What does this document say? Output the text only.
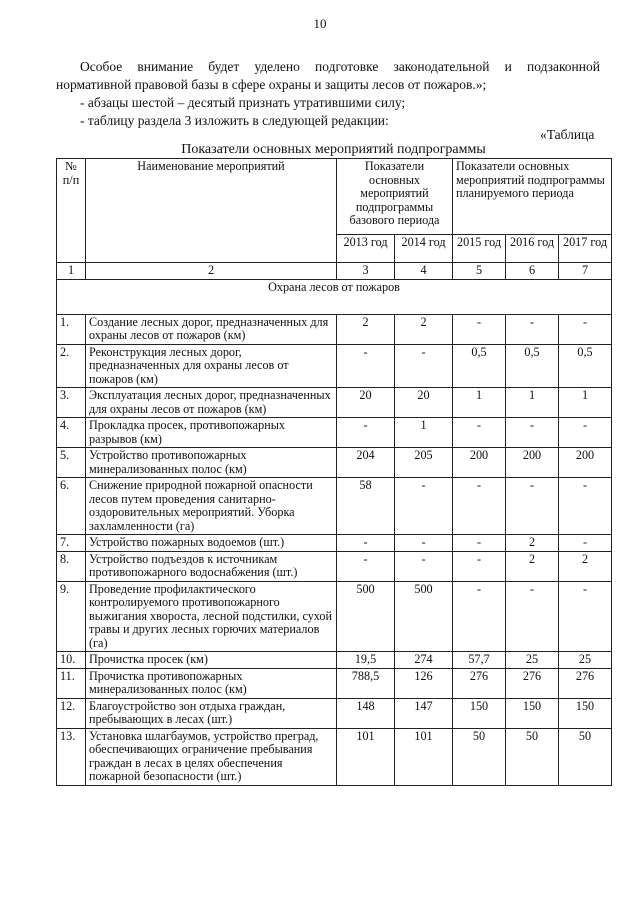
10
Особое внимание будет уделено подготовке законодательной и подзаконной
нормативной правовой базы в сфере охраны и защиты лесов от пожаров.»;
- абзацы шестой – десятый признать утратившими силу;
- таблицу раздела 3 изложить в следующей редакции:
«Таблица
Показатели основных мероприятий подпрограммы
№ п/п	Наименование мероприятий	Показатели основных мероприятий подпрограммы базового периода		Показатели основных мероприятий подпрограммы планируемого периода		
		2013 год	2014 год	2015 год	2016 год	2017 год
1	2	3	4	5	6	7
Охрана лесов от пожаров						
1.	Создание лесных дорог, предназначенных для охраны лесов от пожаров (км)	2	2	-	-	-
2.	Реконструкция лесных дорог, предназначенных для охраны лесов от пожаров (км)	-	-	0,5	0,5	0,5
3.	Эксплуатация лесных дорог, предназначенных для охраны лесов от пожаров (км)	20	20	1	1	1
4.	Прокладка просек, противопожарных разрывов (км)	-	1	-	-	-
5.	Устройство противопожарных минерализованных полос (км)	204	205	200	200	200
6.	Снижение природной пожарной опасности лесов путем проведения санитарно-оздоровительных мероприятий. Уборка захламленности (га)	58	-	-	-	-
7.	Устройство пожарных водоемов (шт.)	-	-	-	2	-
8.	Устройство подъездов к источникам противопожарного водоснабжения (шт.)	-	-	-	2	2
9.	Проведение профилактического контролируемого противопожарного выжигания хвороста, лесной подстилки, сухой травы и других лесных горючих материалов (га)	500	500	-	-	-
10.	Прочистка просек (км)	19,5	274	57,7	25	25
11.	Прочистка противопожарных минерализованных полос (км)	788,5	126	276	276	276
12.	Благоустройство зон отдыха граждан, пребывающих в лесах (шт.)	148	147	150	150	150
13.	Установка шлагбаумов, устройство преград, обеспечивающих ограничение пребывания граждан в лесах в целях обеспечения пожарной безопасности (шт.)	101	101	50	50	50
